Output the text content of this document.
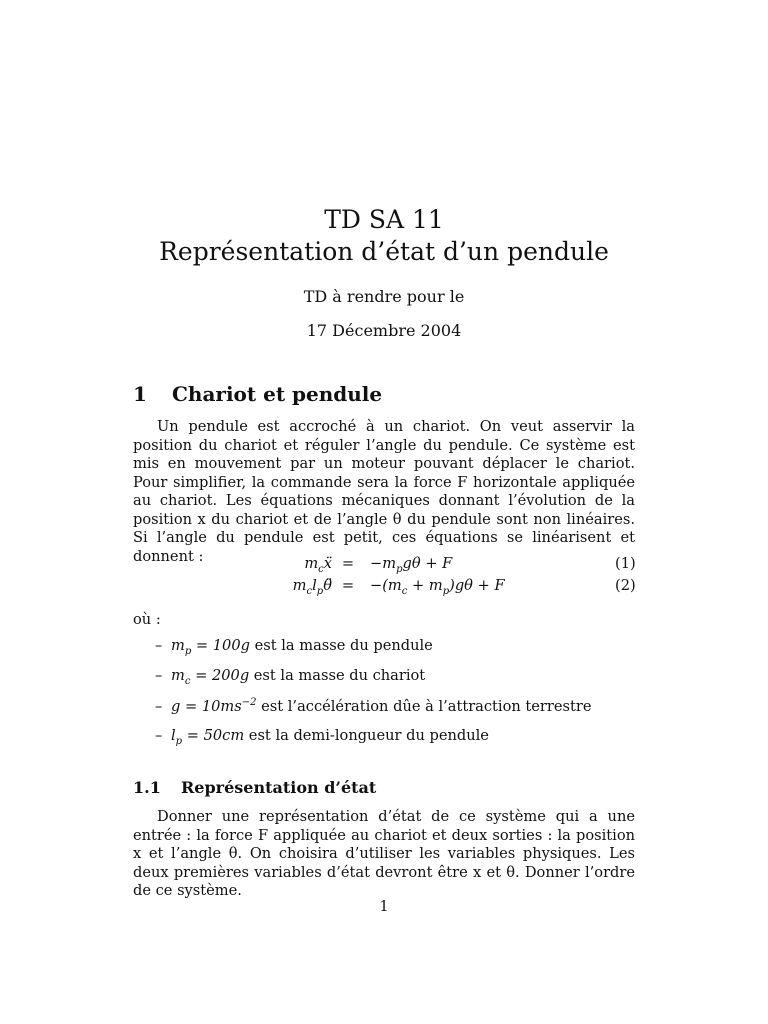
TD SA 11
Représentation d’état d’un pendule
TD à rendre pour le
17 Décembre 2004
1 Chariot et pendule
Un pendule est accroché à un chariot. On veut asservir la position du chariot et réguler l’angle du pendule. Ce système est mis en mouvement par un moteur pouvant déplacer le chariot. Pour simplifier, la commande sera la force F horizontale appliquée au chariot. Les équations mécaniques donnant l’évolution de la position x du chariot et de l’angle θ du pendule sont non linéaires. Si l’angle du pendule est petit, ces équations se linéarisent et donnent :	$m_cẍ$ =	$-m_pg\theta + F$	(1)
$m_cl_p\thetä$ =	$-(m_c + m_p)g\theta + F$	(2)
où :
– $m_p = 100g$ est la masse du pendule
– $m_c = 200g$ est la masse du chariot
– $g = 10ms^{-2}$ est l’accélération dûe à l’attraction terrestre
– $l_p = 50cm$ est la demi-longueur du pendule
1.1 Représentation d’état
Donner une représentation d’état de ce système qui a une entrée : la force F appliquée au chariot et deux sorties : la position x et l’angle θ. On choisira d’utiliser les variables physiques. Les deux premières variables d’état devront être x et θ. Donner l’ordre de ce système.
1
